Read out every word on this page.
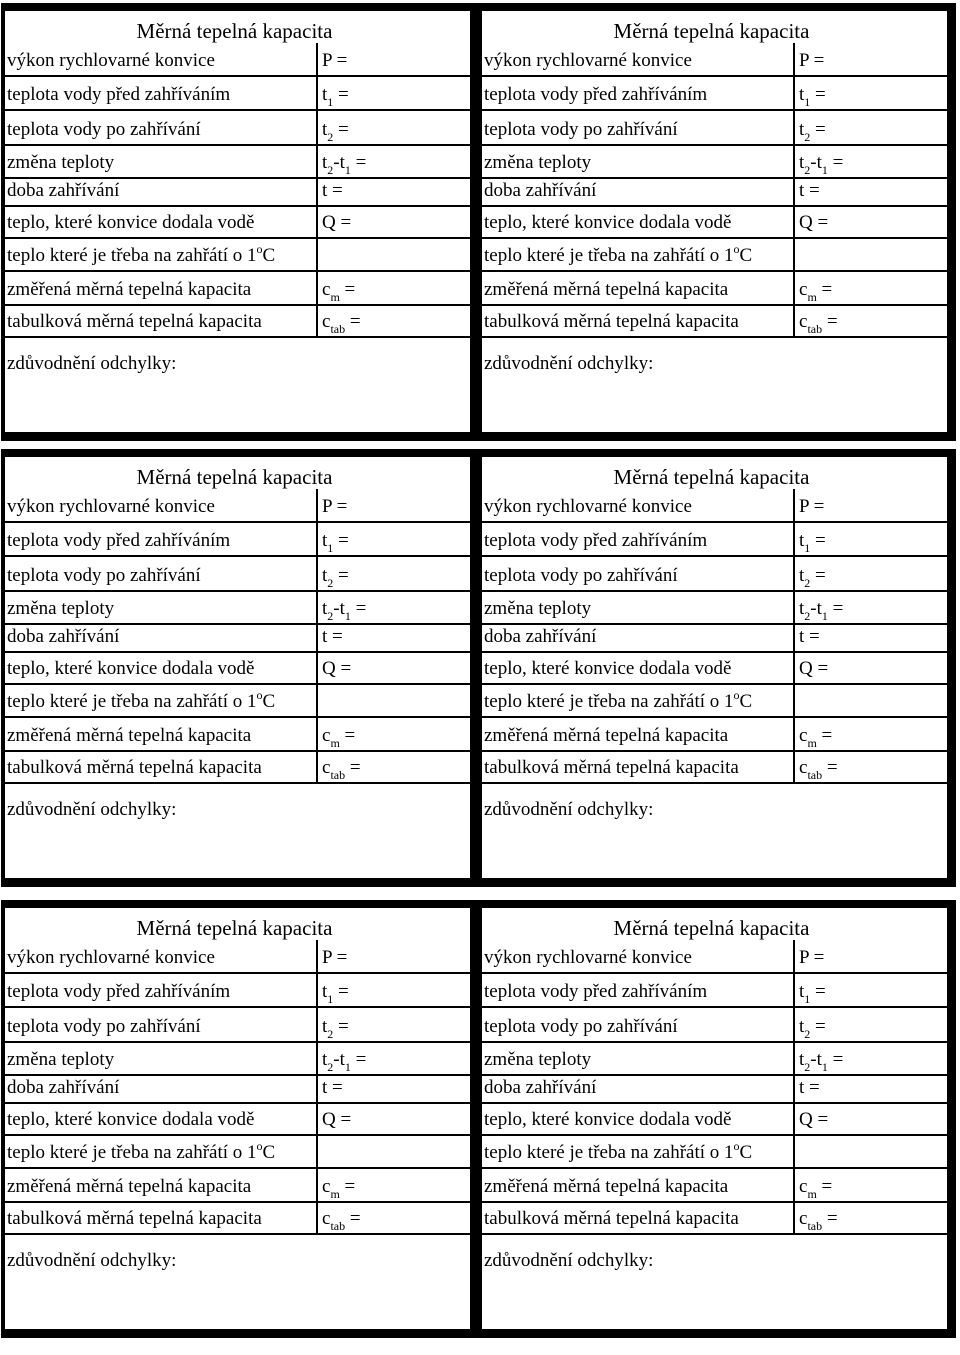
Měrná tepelná kapacita
výkon rychlovarné konvice	P =
teplota vody před zahříváním	$t_1$ =
teplota vody po zahřívání	$t_2$ =
změna teploty	$t_2-t_1$ =
doba zahřívání	t =
teplo, které konvice dodala vodě	Q =
teplo které je třeba na zahřátí o 1$^o$C
změřená měrná tepelná kapacita	$c_m$ =
tabulková měrná tepelná kapacita	$c_{tab}$ =
zdůvodnění odchylky:
Měrná tepelná kapacita
výkon rychlovarné konvice	P =
teplota vody před zahříváním	$t_1$ =
teplota vody po zahřívání	$t_2$ =
změna teploty	$t_2-t_1$ =
doba zahřívání	t =
teplo, které konvice dodala vodě	Q =
teplo které je třeba na zahřátí o 1$^o$C
změřená měrná tepelná kapacita	$c_m$ =
tabulková měrná tepelná kapacita	$c_{tab}$ =
zdůvodnění odchylky:
Měrná tepelná kapacita
výkon rychlovarné konvice	P =
teplota vody před zahříváním	$t_1$ =
teplota vody po zahřívání	$t_2$ =
změna teploty	$t_2-t_1$ =
doba zahřívání	t =
teplo, které konvice dodala vodě	Q =
teplo které je třeba na zahřátí o 1$^o$C
změřená měrná tepelná kapacita	$c_m$ =
tabulková měrná tepelná kapacita	$c_{tab}$ =
zdůvodnění odchylky:
Měrná tepelná kapacita
výkon rychlovarné konvice	P =
teplota vody před zahříváním	$t_1$ =
teplota vody po zahřívání	$t_2$ =
změna teploty	$t_2-t_1$ =
doba zahřívání	t =
teplo, které konvice dodala vodě	Q =
teplo které je třeba na zahřátí o 1$^o$C
změřená měrná tepelná kapacita	$c_m$ =
tabulková měrná tepelná kapacita	$c_{tab}$ =
zdůvodnění odchylky:
Měrná tepelná kapacita
výkon rychlovarné konvice	P =
teplota vody před zahříváním	$t_1$ =
teplota vody po zahřívání	$t_2$ =
změna teploty	$t_2-t_1$ =
doba zahřívání	t =
teplo, které konvice dodala vodě	Q =
teplo které je třeba na zahřátí o 1$^o$C
změřená měrná tepelná kapacita	$c_m$ =
tabulková měrná tepelná kapacita	$c_{tab}$ =
zdůvodnění odchylky:
Měrná tepelná kapacita
výkon rychlovarné konvice	P =
teplota vody před zahříváním	$t_1$ =
teplota vody po zahřívání	$t_2$ =
změna teploty	$t_2-t_1$ =
doba zahřívání	t =
teplo, které konvice dodala vodě	Q =
teplo které je třeba na zahřátí o 1$^o$C
změřená měrná tepelná kapacita	$c_m$ =
tabulková měrná tepelná kapacita	$c_{tab}$ =
zdůvodnění odchylky:
